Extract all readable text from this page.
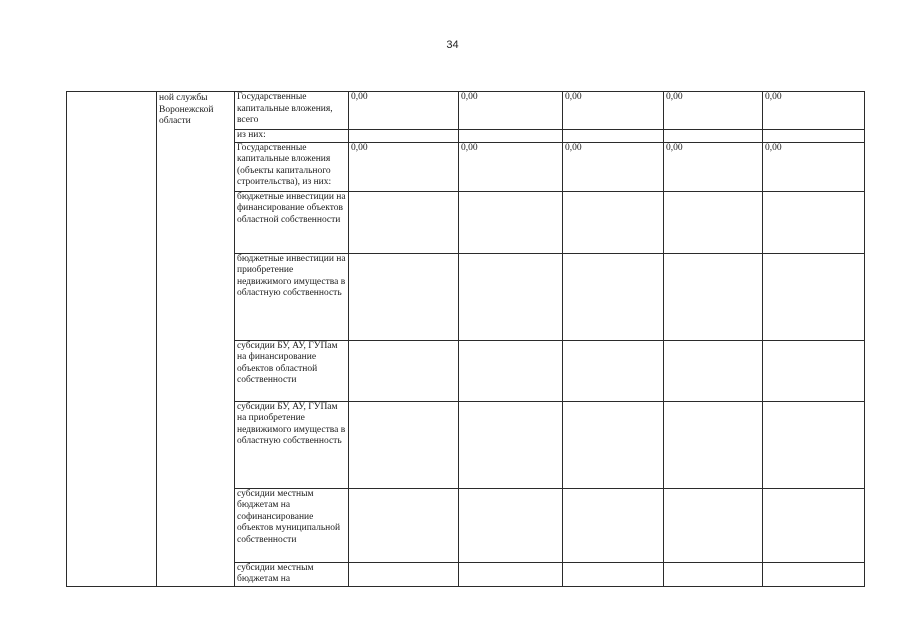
34

	ной службы Воронежской области	Государственные капитальные вложения, всего	0,00	0,00	0,00	0,00	0,00
		из них:					
		Государственные капитальные вложения (объекты капитального строительства), из них:	0,00	0,00	0,00	0,00	0,00
		бюджетные инвестиции на финансирование объектов областной собственности					
		бюджетные инвестиции на приобретение недвижимого имущества в областную собственность					
		субсидии БУ, АУ, ГУПам на финансирование объектов областной собственности					
		субсидии БУ, АУ, ГУПам на приобретение недвижимого имущества в областную собственность					
		субсидии местным бюджетам на софинансирование объектов муниципальной собственности					
		субсидии местным бюджетам на					
